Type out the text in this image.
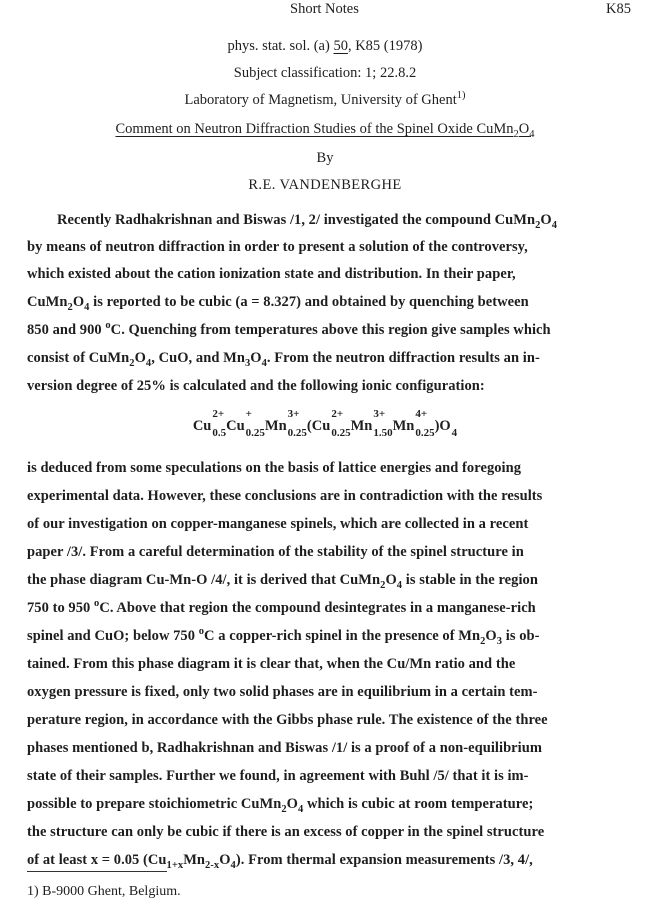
Short Notes	K85
phys. stat. sol. (a) 50, K85 (1978)
Subject classification: 1; 22.8.2
Laboratory of Magnetism, University of Ghent$^{1)}$
Comment on Neutron Diffraction Studies of the Spinel Oxide $CuMn_2O_4$
By
R.E. VANDENBERGHE
Recently Radhakrishnan and Biswas /1, 2/ investigated the compound $CuMn_2O_4$
by means of neutron diffraction in order to present a solution of the controversy,
which existed about the cation ionization state and distribution. In their paper,
$CuMn_2O_4$ is reported to be cubic (a = 8.327) and obtained by quenching between
850 and 900 $^o$C. Quenching from temperatures above this region give samples which
consist of $CuMn_2O_4$, CuO, and $Mn_3O_4$. From the neutron diffraction results an in-
version degree of 25% is calculated and the following ionic configuration:
Cu
2+
0.5 Cu
+
0.25 Mn
3+
0.25 (Cu
2+
0.25 Mn
3+
1.50 Mn
4+
0.25 )O 4
is deduced from some speculations on the basis of lattice energies and foregoing
experimental data. However, these conclusions are in contradiction with the results
of our investigation on copper-manganese spinels, which are collected in a recent
paper /3/. From a careful determination of the stability of the spinel structure in
the phase diagram Cu-Mn-O /4/, it is derived that $CuMn_2O_4$ is stable in the region
750 to 950 $^o$C. Above that region the compound desintegrates in a manganese-rich
spinel and CuO; below 750 $^o$C a copper-rich spinel in the presence of $Mn_2O_3$ is ob-
tained. From this phase diagram it is clear that, when the Cu/Mn ratio and the
oxygen pressure is fixed, only two solid phases are in equilibrium in a certain tem-
perature region, in accordance with the Gibbs phase rule. The existence of the three
phases mentioned b, Radhakrishnan and Biswas /1/ is a proof of a non-equilibrium
state of their samples. Further we found, in agreement with Buhl /5/ that it is im-
possible to prepare stoichiometric $CuMn_2O_4$ which is cubic at room temperature;
the structure can only be cubic if there is an excess of copper in the spinel structure
of at least x = 0.05 $(Cu_{1+x}Mn_{2-x}O_4)$. From thermal expansion measurements /3, 4/,
1) B-9000 Ghent, Belgium.
